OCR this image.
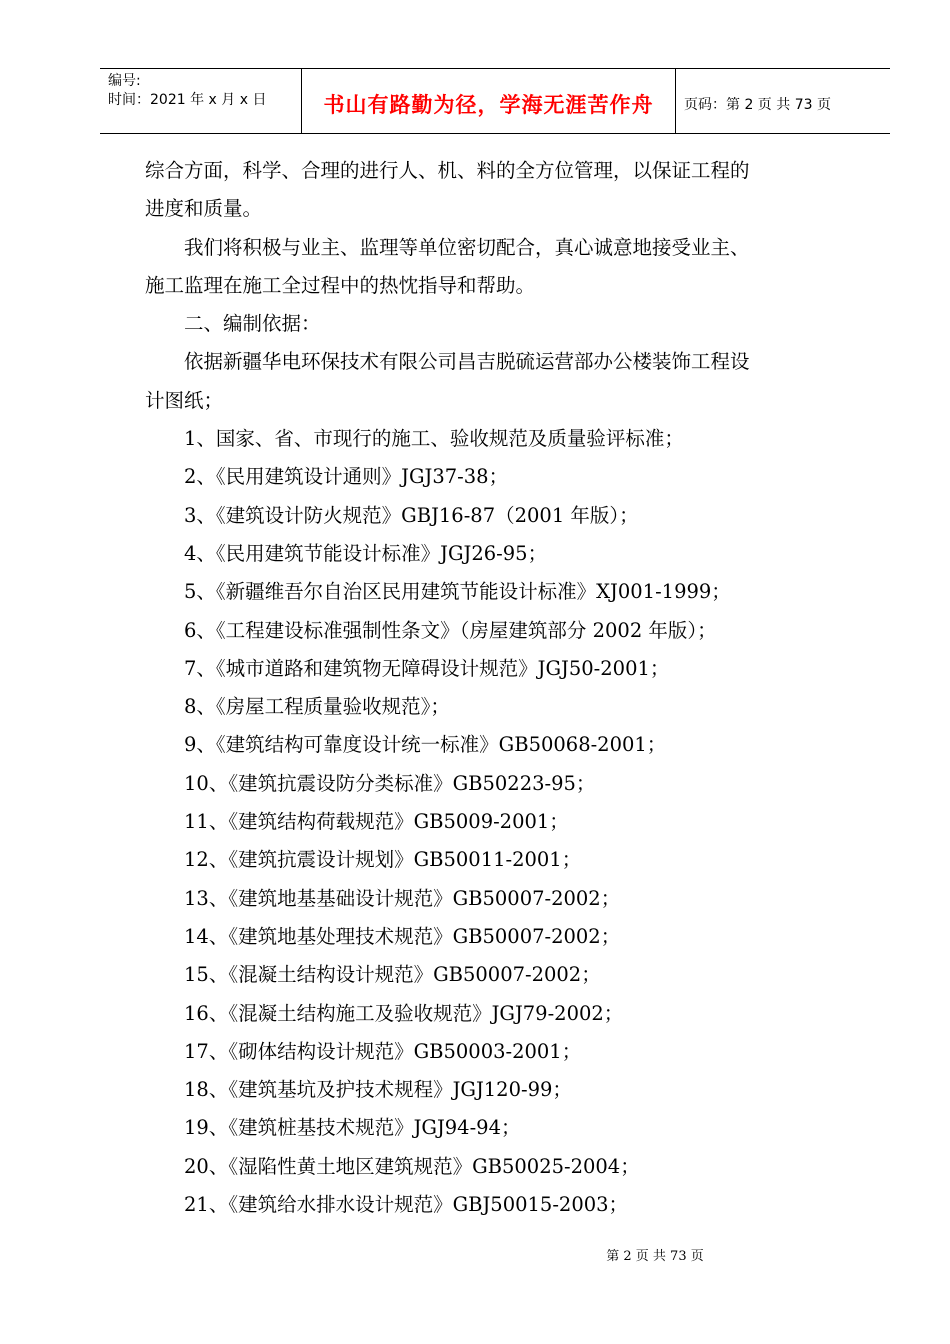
编号:
时间：2021 年 x 月 x 日	书山有路勤为径，学海无涯苦作舟	页码：第 2 页 共 73 页
综合方面，科学、合理的进行人、机、料的全方位管理，以保证工程的
进度和质量。
我们将积极与业主、监理等单位密切配合，真心诚意地接受业主、
施工监理在施工全过程中的热忱指导和帮助。
二、编制依据：
依据新疆华电环保技术有限公司昌吉脱硫运营部办公楼装饰工程设
计图纸；
1、国家、省、市现行的施工、验收规范及质量验评标准；
2、《民用建筑设计通则》JGJ37-38；
3、《建筑设计防火规范》GBJ16-87（2001 年版）；
4、《民用建筑节能设计标准》JGJ26-95；
5、《新疆维吾尔自治区民用建筑节能设计标准》XJ001-1999；
6、《工程建设标准强制性条文》（房屋建筑部分 2002 年版）；
7、《城市道路和建筑物无障碍设计规范》JGJ50-2001；
8、《房屋工程质量验收规范》；
9、《建筑结构可靠度设计统一标准》GB50068-2001；
10、《建筑抗震设防分类标准》GB50223-95；
11、《建筑结构荷载规范》GB5009-2001；
12、《建筑抗震设计规划》GB50011-2001；
13、《建筑地基基础设计规范》GB50007-2002；
14、《建筑地基处理技术规范》GB50007-2002；
15、《混凝土结构设计规范》GB50007-2002；
16、《混凝土结构施工及验收规范》JGJ79-2002；
17、《砌体结构设计规范》GB50003-2001；
18、《建筑基坑及护技术规程》JGJ120-99；
19、《建筑桩基技术规范》JGJ94-94；
20、《湿陷性黄土地区建筑规范》GB50025-2004；
21、《建筑给水排水设计规范》GBJ50015-2003；
第 2 页 共 73 页
